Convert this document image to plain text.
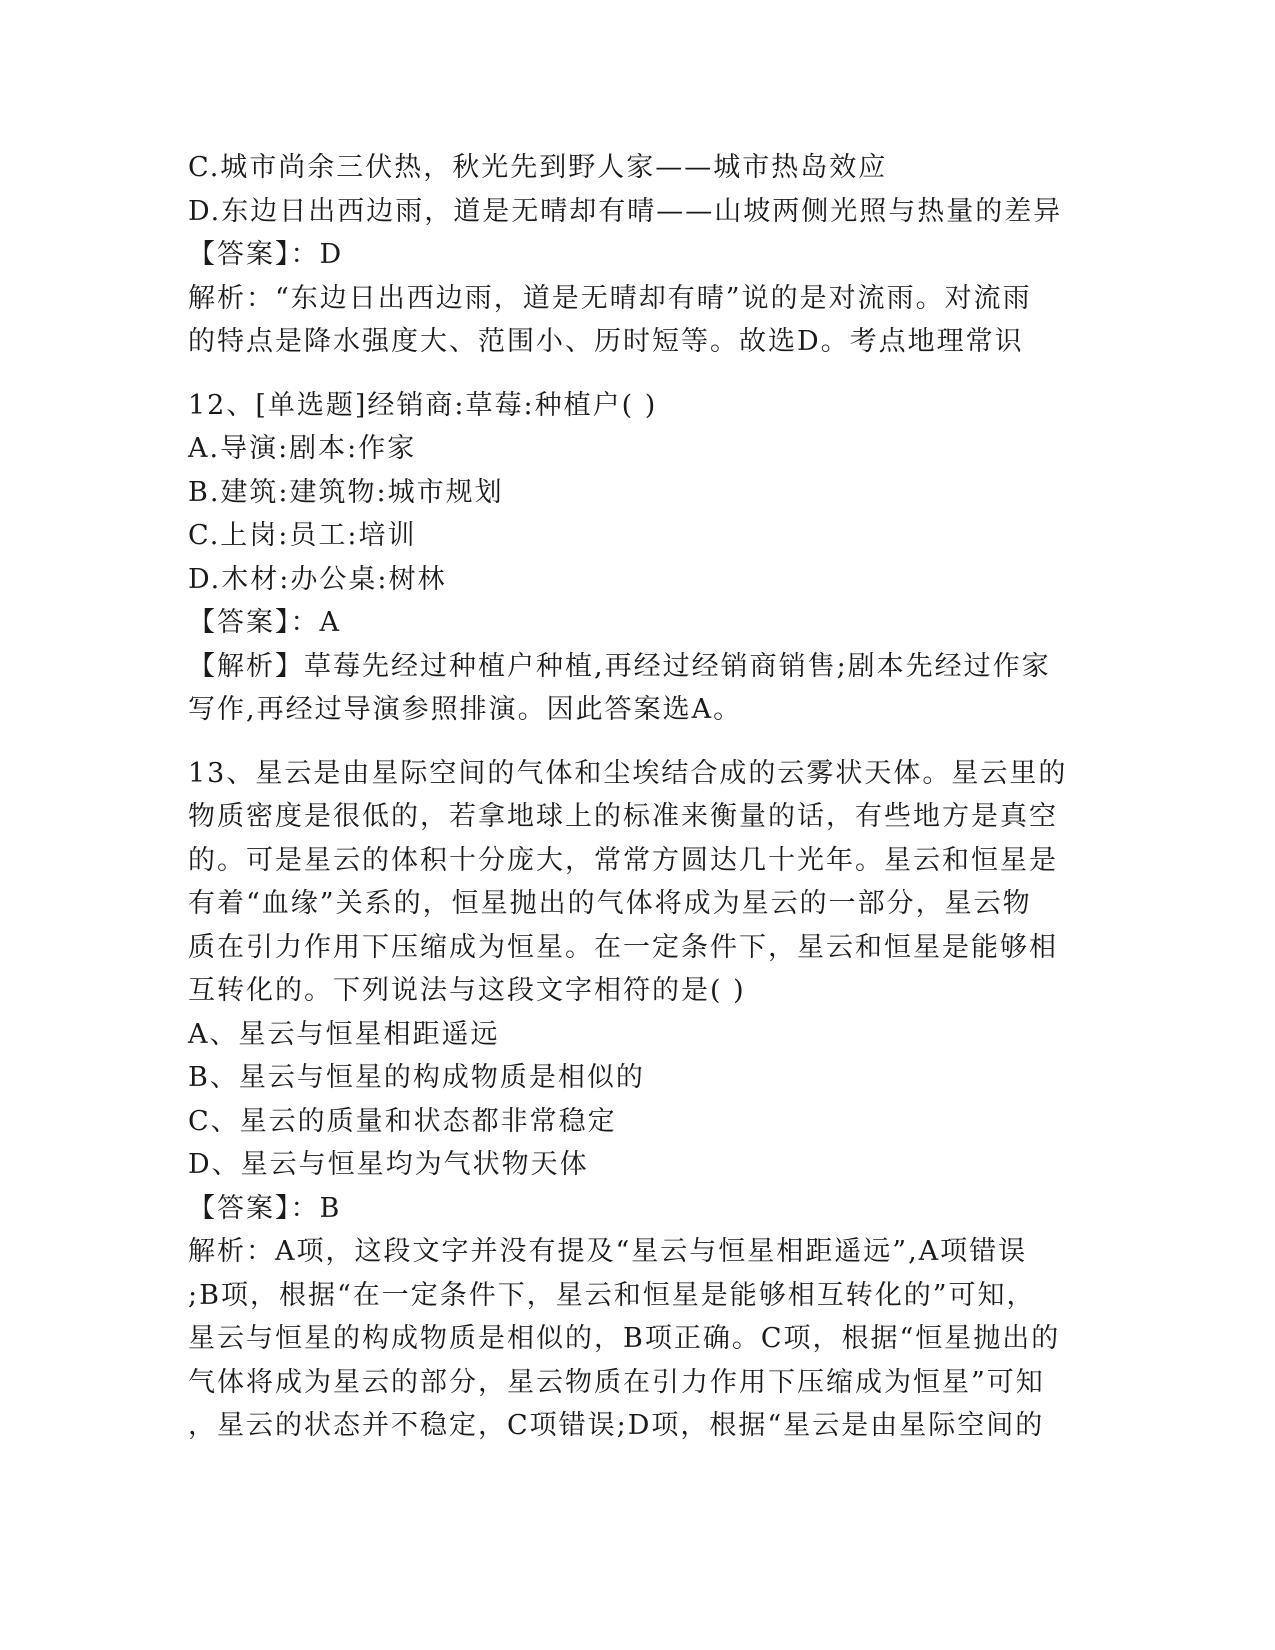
C.城市尚余三伏热，秋光先到野人家——城市热岛效应
D.东边日出西边雨，道是无晴却有晴——山坡两侧光照与热量的差异
【答案】：D
解析：“东边日出西边雨，道是无晴却有晴”说的是对流雨。对流雨
的特点是降水强度大、范围小、历时短等。故选D。考点地理常识
12、[单选题]经销商:草莓:种植户( )
A.导演:剧本:作家
B.建筑:建筑物:城市规划
C.上岗:员工:培训
D.木材:办公桌:树林
【答案】：A
【解析】草莓先经过种植户种植,再经过经销商销售;剧本先经过作家
写作,再经过导演参照排演。因此答案选A。
13、星云是由星际空间的气体和尘埃结合成的云雾状天体。星云里的
物质密度是很低的，若拿地球上的标准来衡量的话，有些地方是真空
的。可是星云的体积十分庞大，常常方圆达几十光年。星云和恒星是
有着“血缘”关系的，恒星抛出的气体将成为星云的一部分，星云物
质在引力作用下压缩成为恒星。在一定条件下，星云和恒星是能够相
互转化的。下列说法与这段文字相符的是( )
A、星云与恒星相距遥远
B、星云与恒星的构成物质是相似的
C、星云的质量和状态都非常稳定
D、星云与恒星均为气状物天体
【答案】：B
解析：A项，这段文字并没有提及“星云与恒星相距遥远”,A项错误
;B项，根据“在一定条件下，星云和恒星是能够相互转化的”可知，
星云与恒星的构成物质是相似的，B项正确。C项，根据“恒星抛出的
气体将成为星云的部分，星云物质在引力作用下压缩成为恒星”可知
，星云的状态并不稳定，C项错误;D项，根据“星云是由星际空间的
